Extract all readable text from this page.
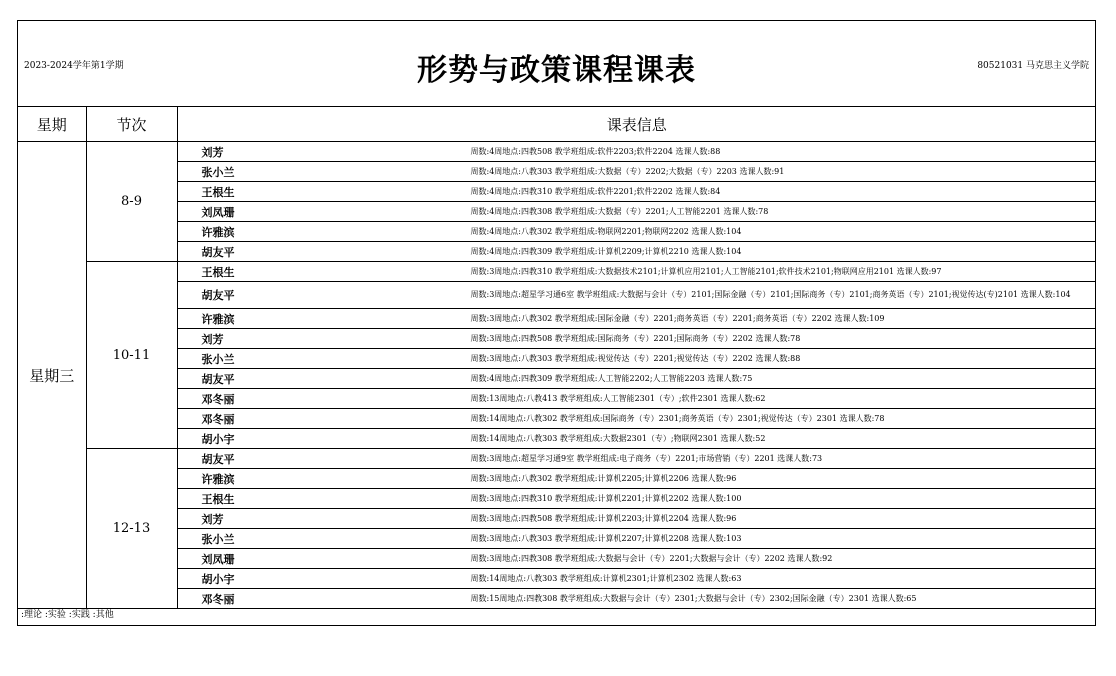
2023-2024学年第1学期	形势与政策课程课表	80521031 马克思主义学院
星期	节次	课表信息
星期三	8-9	刘芳 周数:4周地点:四教508 教学班组成:软件2203;软件2204 选课人数:88

		张小兰 周数:4周地点:八教303 教学班组成:大数据（专）2202;大数据（专）2203 选课人数:91

		王根生 周数:4周地点:四教310 教学班组成:软件2201;软件2202 选课人数:84

		刘凤珊 周数:4周地点:四教308 教学班组成:大数据（专）2201;人工智能2201 选课人数:78

		许雅滨 周数:4周地点:八教302 教学班组成:物联网2201;物联网2202 选课人数:104

		胡友平 周数:4周地点:四教309 教学班组成:计算机2209;计算机2210 选课人数:104

	10-11	王根生 周数:3周地点:四教310 教学班组成:大数据技术2101;计算机应用2101;人工智能2101;软件技术2101;物联网应用2101 选课人数:97

		胡友平 周数:3周地点:超星学习通6室 教学班组成:大数据与会计（专）2101;国际金融（专）2101;国际商务（专）2101;商务英语（专）2101;视觉传达(专)2101 选课人数:104

		许雅滨 周数:3周地点:八教302 教学班组成:国际金融（专）2201;商务英语（专）2201;商务英语（专）2202 选课人数:109

		刘芳 周数:3周地点:四教508 教学班组成:国际商务（专）2201;国际商务（专）2202 选课人数:78

		张小兰 周数:3周地点:八教303 教学班组成:视觉传达（专）2201;视觉传达（专）2202 选课人数:88

		胡友平 周数:4周地点:四教309 教学班组成:人工智能2202;人工智能2203 选课人数:75

		邓冬丽 周数:13周地点:八教413 教学班组成:人工智能2301（专）;软件2301 选课人数:62

		邓冬丽 周数:14周地点:八教302 教学班组成:国际商务（专）2301;商务英语（专）2301;视觉传达（专）2301 选课人数:78

		胡小宇 周数:14周地点:八教303 教学班组成:大数据2301（专）;物联网2301 选课人数:52

	12-13	胡友平 周数:3周地点:超星学习通9室 教学班组成:电子商务（专）2201;市场营销（专）2201 选课人数:73

		许雅滨 周数:3周地点:八教302 教学班组成:计算机2205;计算机2206 选课人数:96

		王根生 周数:3周地点:四教310 教学班组成:计算机2201;计算机2202 选课人数:100

		刘芳 周数:3周地点:四教508 教学班组成:计算机2203;计算机2204 选课人数:96

		张小兰 周数:3周地点:八教303 教学班组成:计算机2207;计算机2208 选课人数:103

		刘凤珊 周数:3周地点:四教308 教学班组成:大数据与会计（专）2201;大数据与会计（专）2202 选课人数:92

		胡小宇 周数:14周地点:八教303 教学班组成:计算机2301;计算机2302 选课人数:63

		邓冬丽 周数:15周地点:四教308 教学班组成:大数据与会计（专）2301;大数据与会计（专）2302;国际金融（专）2301 选课人数:65
:理论 :实验 :实践 :其他
